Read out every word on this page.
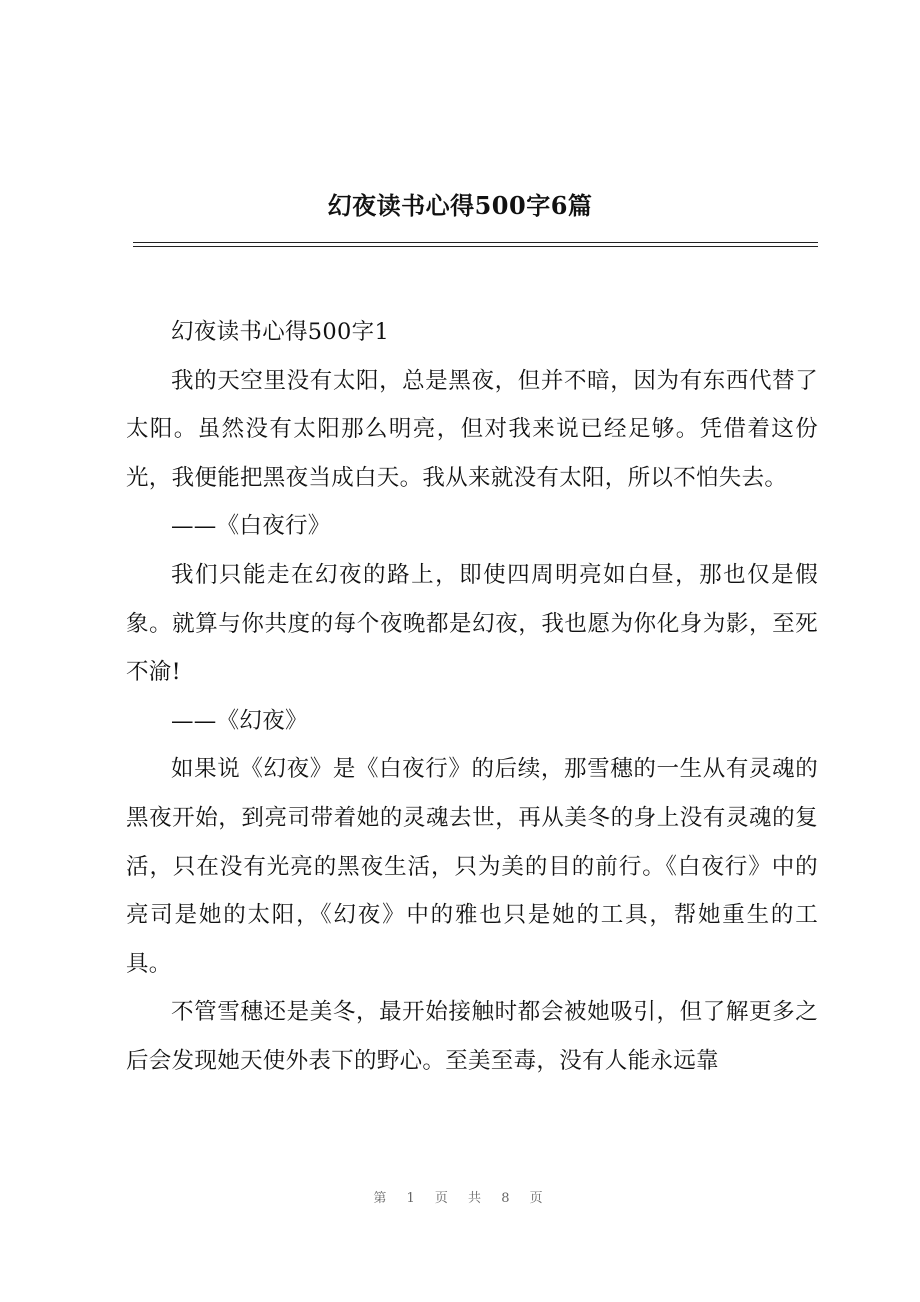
幻夜读书心得500字6篇

幻夜读书心得500字1

我的天空里没有太阳，总是黑夜，但并不暗，因为有东西代替了太阳。虽然没有太阳那么明亮，但对我来说已经足够。凭借着这份光，我便能把黑夜当成白天。我从来就没有太阳，所以不怕失去。

——《白夜行》

我们只能走在幻夜的路上，即使四周明亮如白昼，那也仅是假象。就算与你共度的每个夜晚都是幻夜，我也愿为你化身为影，至死不渝!

——《幻夜》

如果说《幻夜》是《白夜行》的后续，那雪穗的一生从有灵魂的黑夜开始，到亮司带着她的灵魂去世，再从美冬的身上没有灵魂的复活，只在没有光亮的黑夜生活，只为美的目的前行。《白夜行》中的亮司是她的太阳，《幻夜》中的雅也只是她的工具，帮她重生的工具。

不管雪穗还是美冬，最开始接触时都会被她吸引，但了解更多之后会发现她天使外表下的野心。至美至毒，没有人能永远靠

第 1 页 共 8 页
